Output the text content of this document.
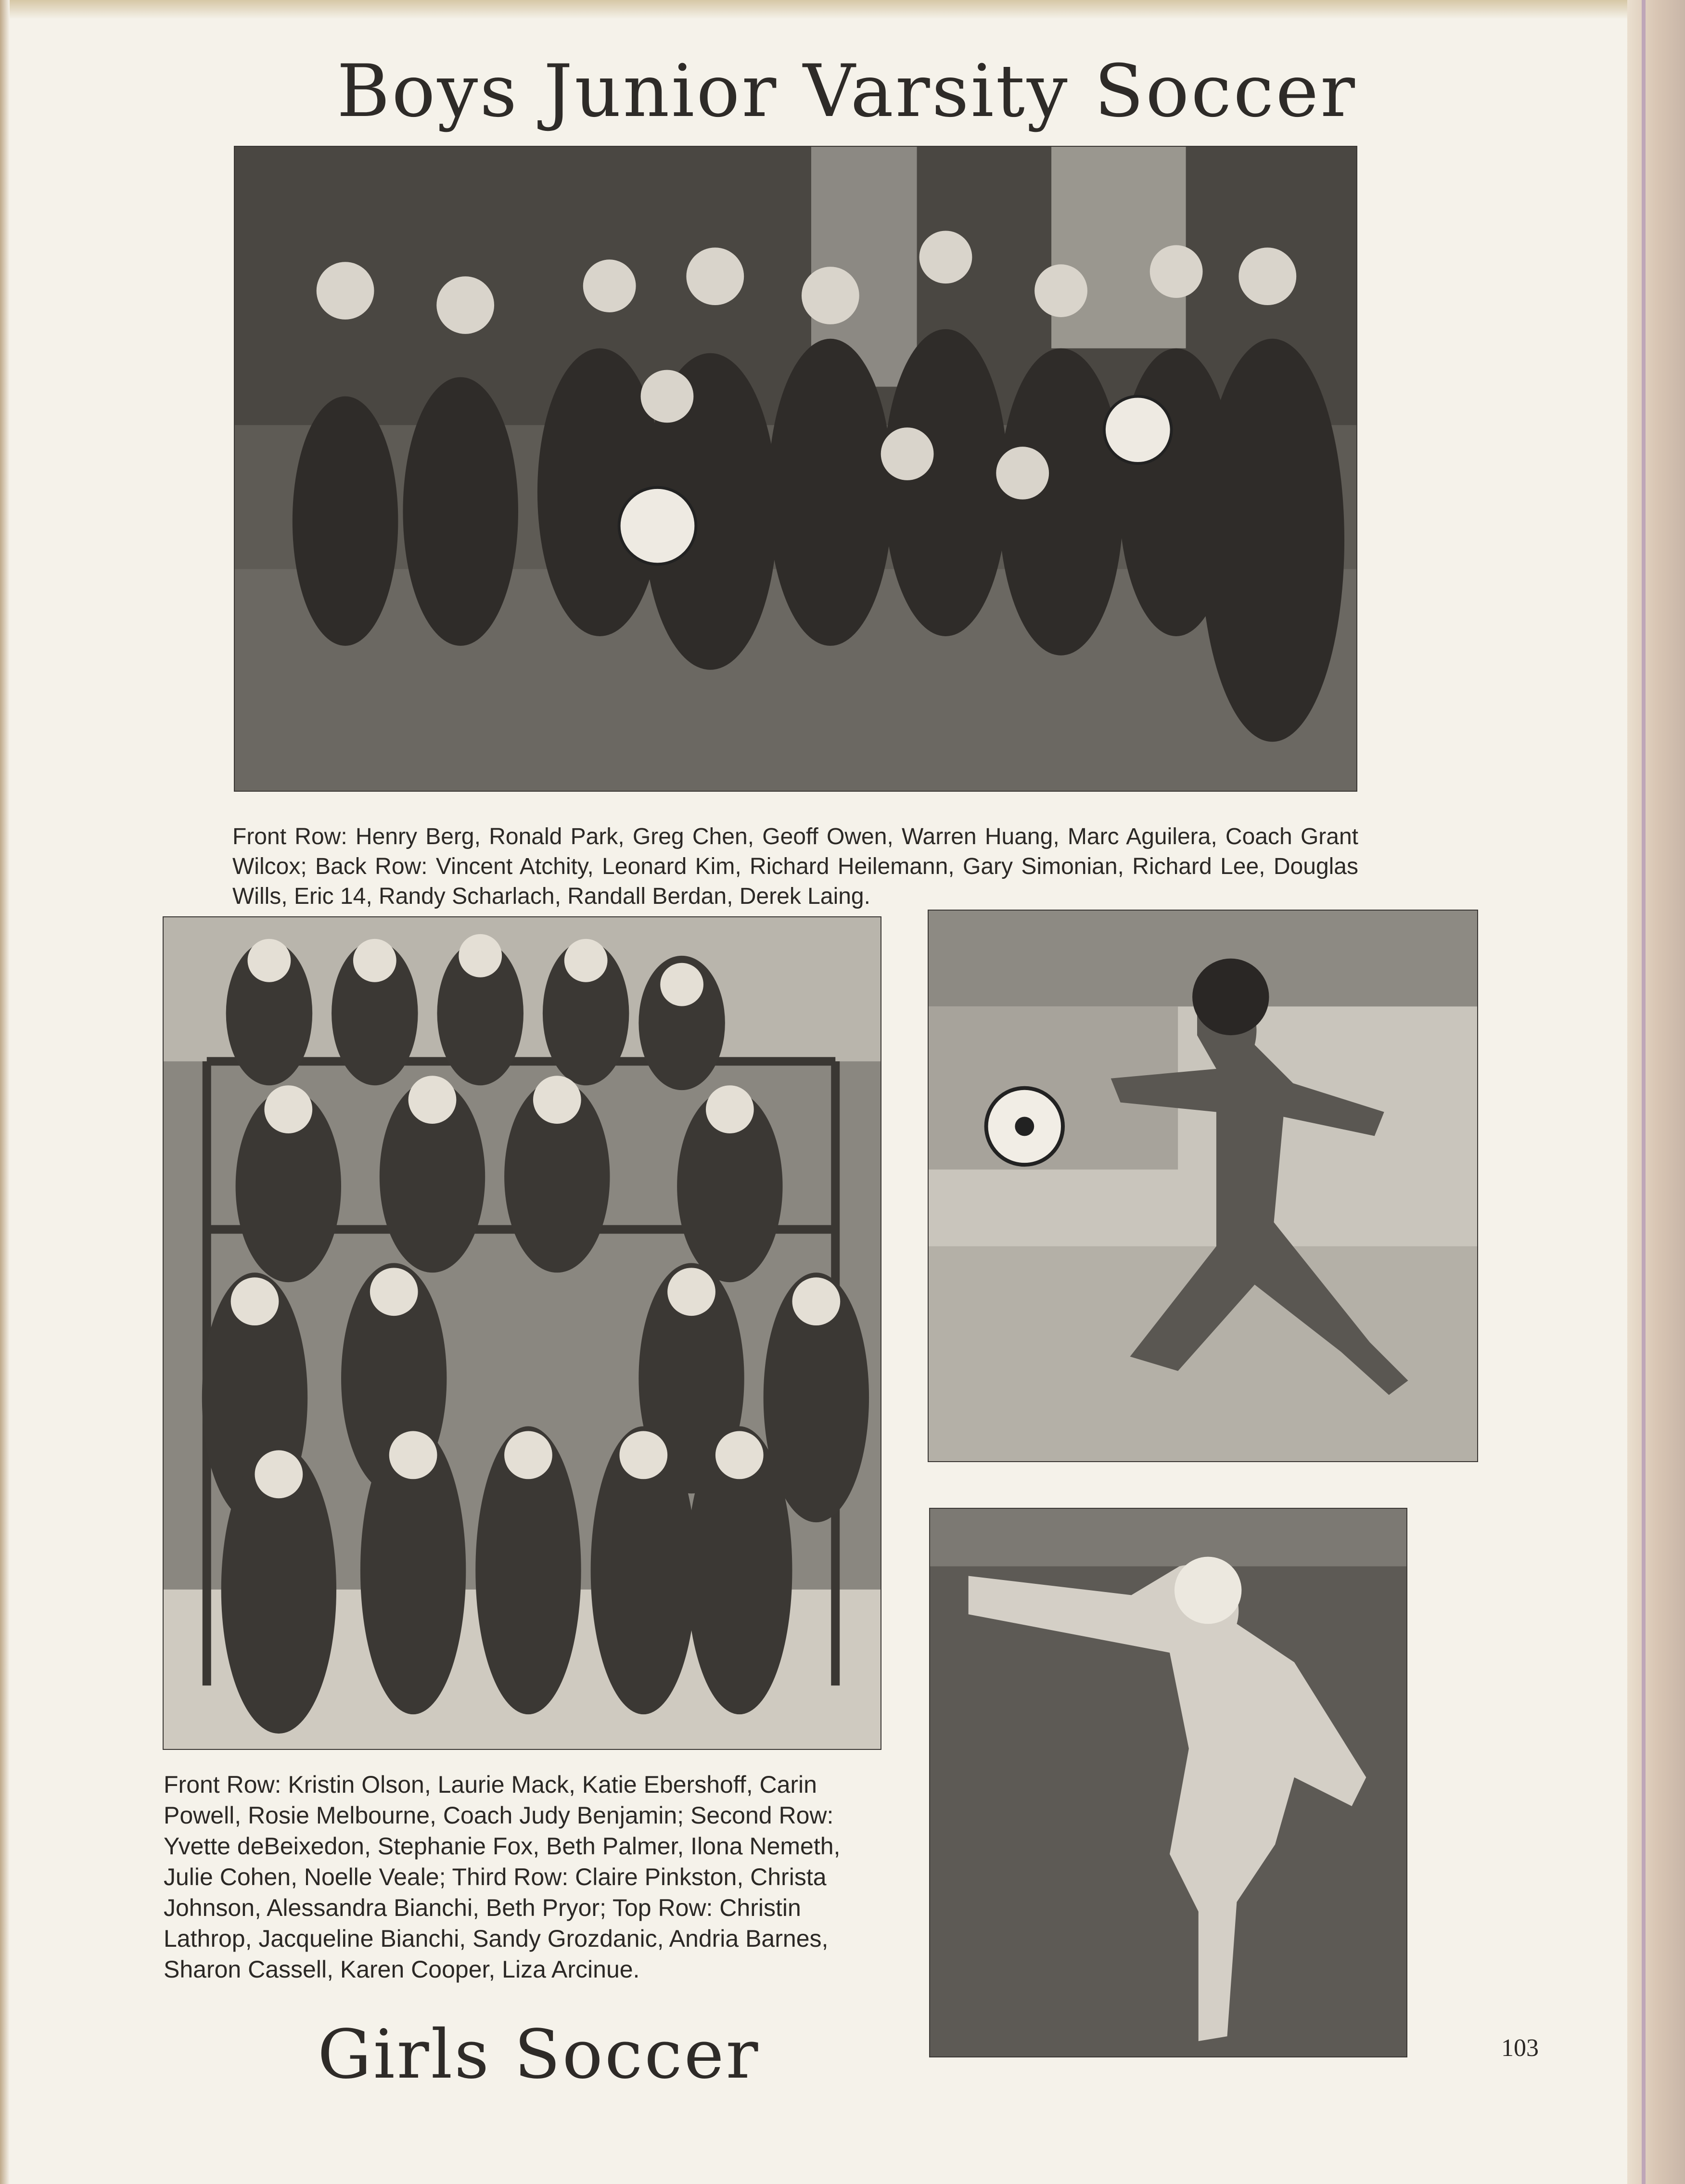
Boys Junior Varsity Soccer
Front Row: Henry Berg, Ronald Park, Greg Chen, Geoff Owen, Warren Huang, Marc Aguilera, Coach Grant Wilcox; Back Row: Vincent Atchity, Leonard Kim, Richard Heilemann, Gary Simonian, Richard Lee, Douglas Wills, Eric 14, Randy Scharlach, Randall Berdan, Derek Laing.
Front Row: Kristin Olson, Laurie Mack, Katie Ebershoff, Carin Powell, Rosie Melbourne, Coach Judy Benjamin; Second Row: Yvette deBeixedon, Stephanie Fox, Beth Palmer, Ilona Nemeth, Julie Cohen, Noelle Veale; Third Row: Claire Pinkston, Christa Johnson, Alessandra Bianchi, Beth Pryor; Top Row: Christin Lathrop, Jacqueline Bianchi, Sandy Grozdanic, Andria Barnes, Sharon Cassell, Karen Cooper, Liza Arcinue.
Girls Soccer	103
